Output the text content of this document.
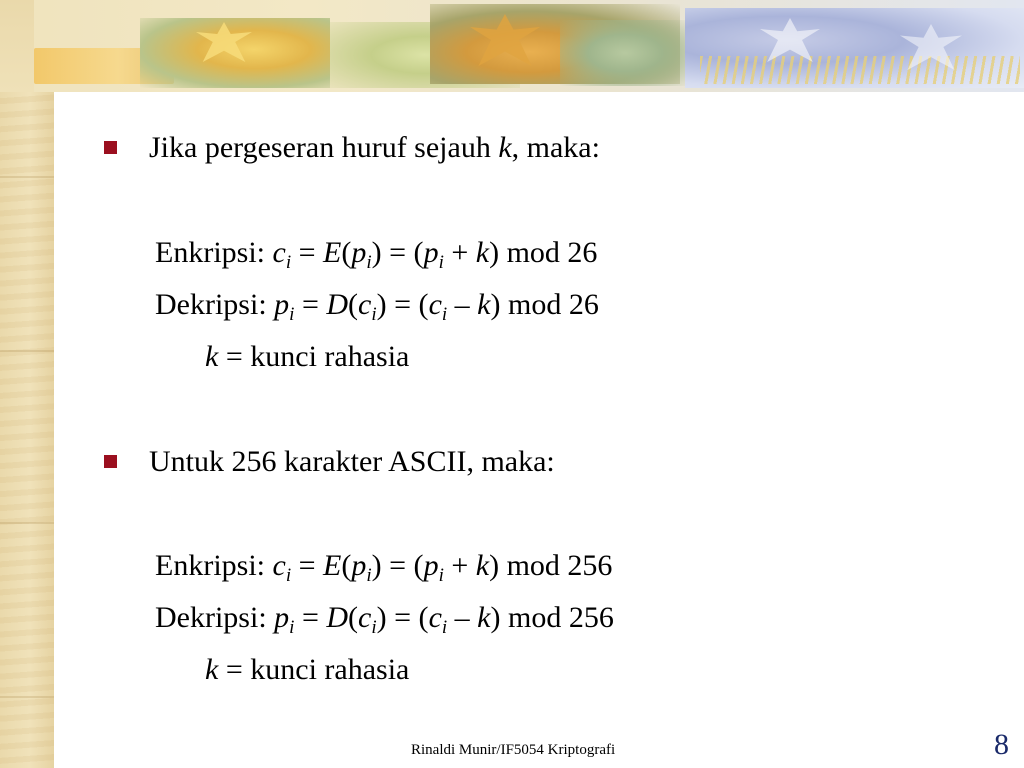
Jika pergeseran huruf sejauh k, maka:
Enkripsi: $c_i = E(p_i) = (p_i + k)$ mod 26
Dekripsi: $p_i = D(c_i) = (c_i - k)$ mod 26
k = kunci rahasia
Untuk 256 karakter ASCII, maka:
Enkripsi: $c_i = E(p_i) = (p_i + k)$ mod 256
Dekripsi: $p_i = D(c_i) = (c_i - k)$ mod 256
k = kunci rahasia
Rinaldi Munir/IF5054 Kriptografi	8
